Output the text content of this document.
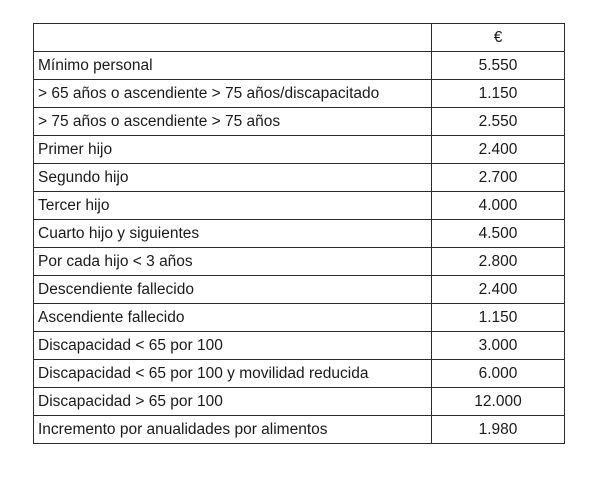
	€
Mínimo personal	5.550
> 65 años o ascendiente > 75 años/discapacitado	1.150
> 75 años o ascendiente > 75 años	2.550
Primer hijo	2.400
Segundo hijo	2.700
Tercer hijo	4.000
Cuarto hijo y siguientes	4.500
Por cada hijo < 3 años	2.800
Descendiente fallecido	2.400
Ascendiente fallecido	1.150
Discapacidad < 65 por 100	3.000
Discapacidad < 65 por 100 y movilidad reducida	6.000
Discapacidad > 65 por 100	12.000
Incremento por anualidades por alimentos	1.980
